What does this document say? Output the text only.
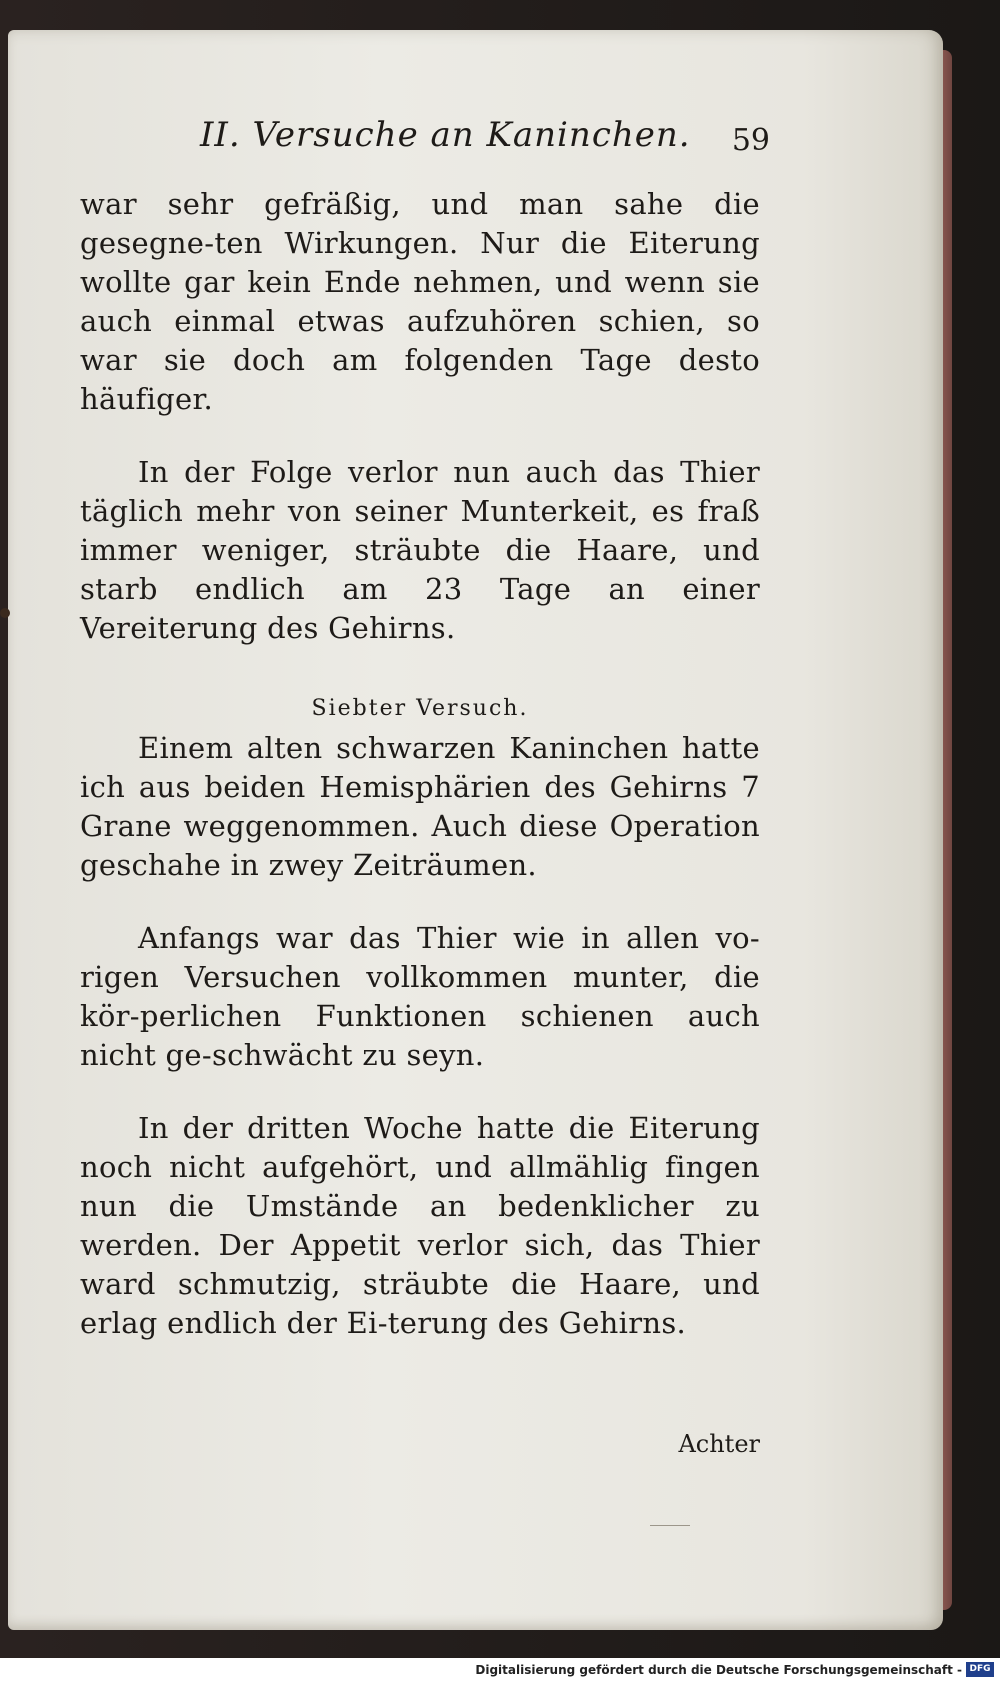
II. Versuche an Kaninchen. 59

war sehr gefräßig, und man sahe die gesegne-ten Wirkungen. Nur die Eiterung wollte gar kein Ende nehmen, und wenn sie auch einmal etwas aufzuhören schien, so war sie doch am folgenden Tage desto häufiger.

In der Folge verlor nun auch das Thier täglich mehr von seiner Munterkeit, es fraß immer weniger, sträubte die Haare, und starb endlich am 23 Tage an einer Vereiterung des Gehirns.

Siebter Versuch.

Einem alten schwarzen Kaninchen hatte ich aus beiden Hemisphärien des Gehirns 7 Grane weggenommen. Auch diese Operation geschahe in zwey Zeiträumen.

Anfangs war das Thier wie in allen vo-rigen Versuchen vollkommen munter, die kör-perlichen Funktionen schienen auch nicht ge-schwächt zu seyn.

In der dritten Woche hatte die Eiterung noch nicht aufgehört, und allmählig fingen nun die Umstände an bedenklicher zu werden. Der Appetit verlor sich, das Thier ward schmutzig, sträubte die Haare, und erlag endlich der Ei-terung des Gehirns.

Achter
Digitalisierung gefördert durch die Deutsche Forschungsgemeinschaft - DFG
